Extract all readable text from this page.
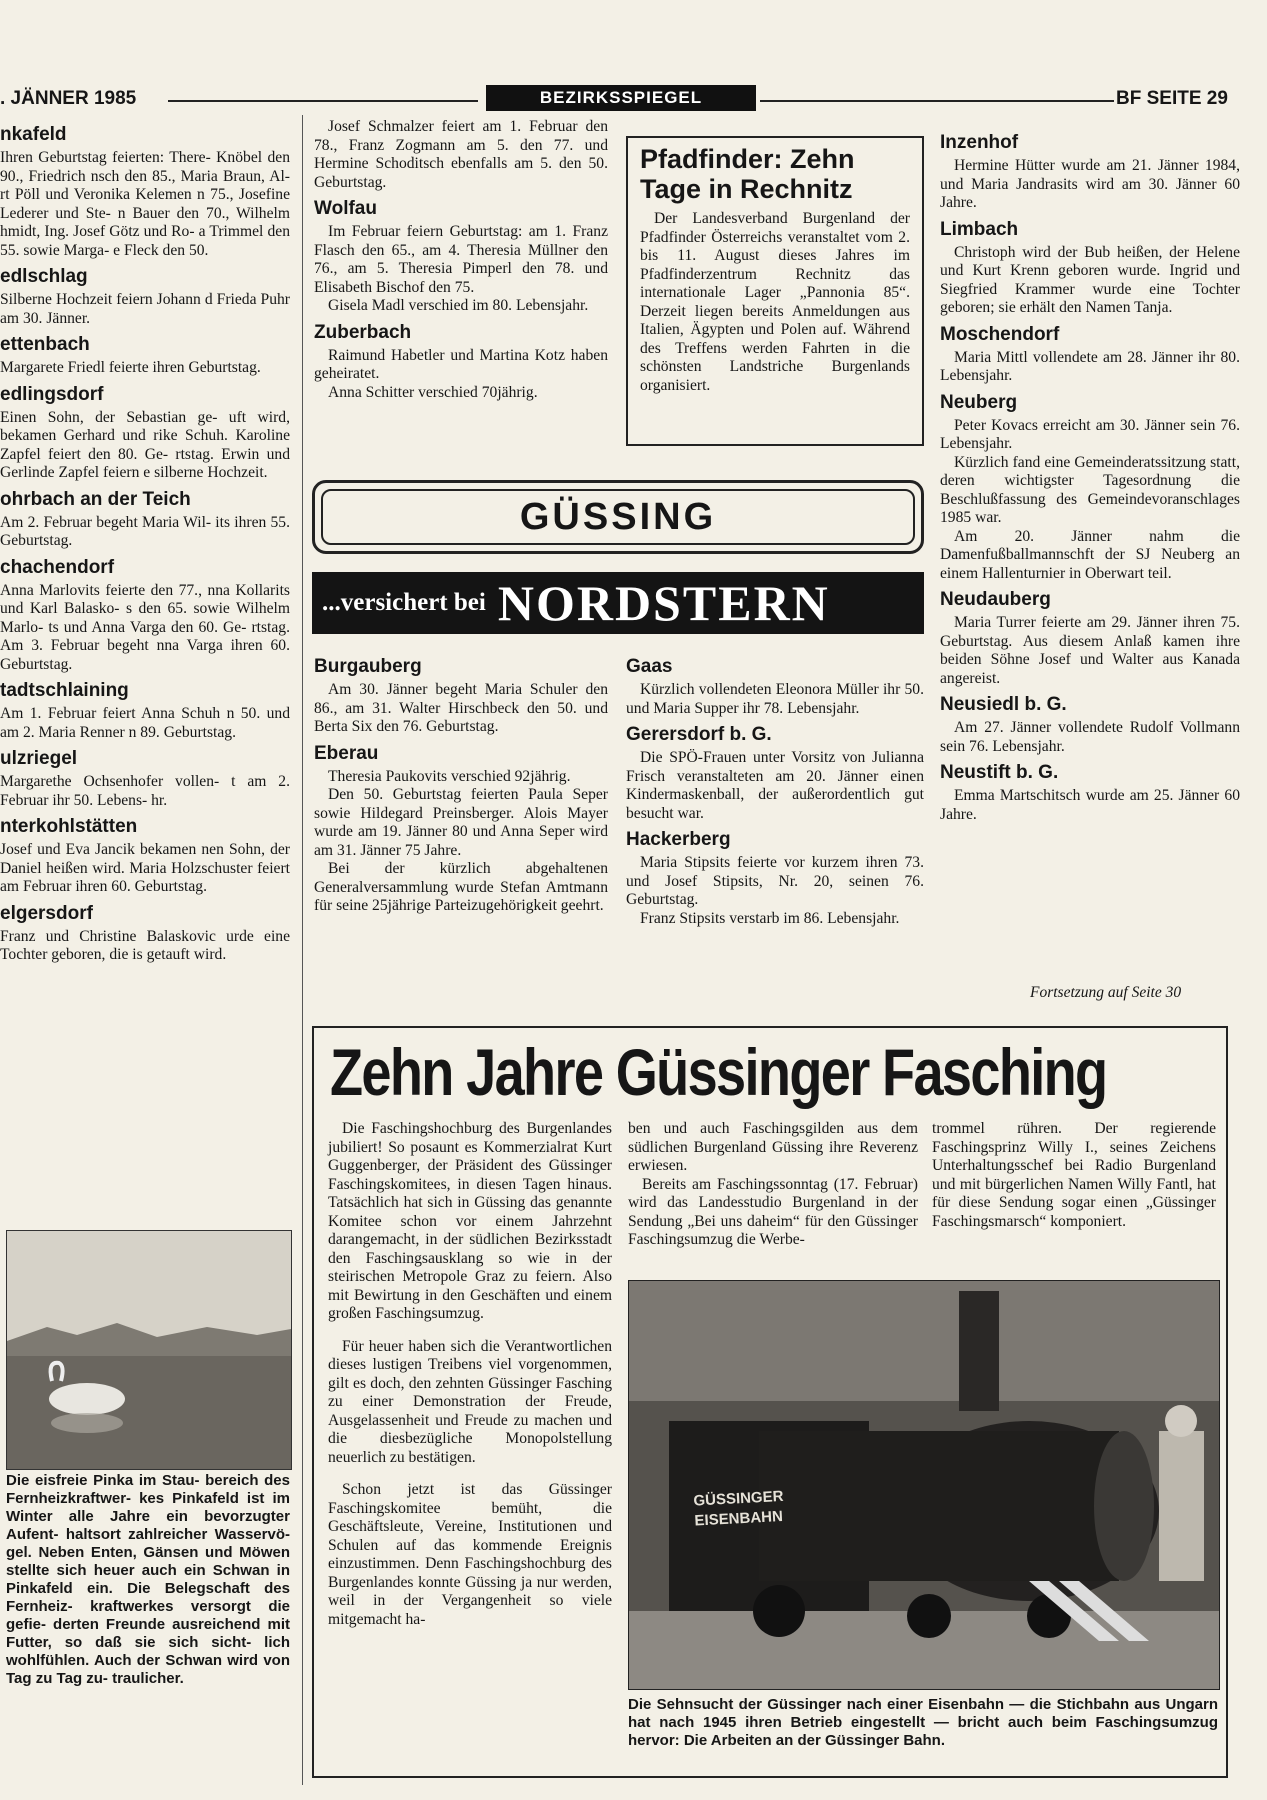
. JÄNNER 1985	BEZIRKSSPIEGEL	BF SEITE 29
nkafeld

Ihren Geburtstag feierten: There- Knöbel den 90., Friedrich nsch den 85., Maria Braun, Al- rt Pöll und Veronika Kelemen n 75., Josefine Lederer und Ste- n Bauer den 70., Wilhelm hmidt, Ing. Josef Götz und Ro- a Trimmel den 55. sowie Marga- e Fleck den 50.

edlschlag

Silberne Hochzeit feiern Johann d Frieda Puhr am 30. Jänner.

ettenbach

Margarete Friedl feierte ihren Geburtstag.

edlingsdorf

Einen Sohn, der Sebastian ge- uft wird, bekamen Gerhard und rike Schuh. Karoline Zapfel feiert den 80. Ge- rtstag. Erwin und Gerlinde Zapfel feiern e silberne Hochzeit.

ohrbach an der Teich

Am 2. Februar begeht Maria Wil- its ihren 55. Geburtstag.

chachendorf

Anna Marlovits feierte den 77., nna Kollarits und Karl Balasko- s den 65. sowie Wilhelm Marlo- ts und Anna Varga den 60. Ge- rtstag. Am 3. Februar begeht nna Varga ihren 60. Geburtstag.

tadtschlaining

Am 1. Februar feiert Anna Schuh n 50. und am 2. Maria Renner n 89. Geburtstag.

ulzriegel

Margarethe Ochsenhofer vollen- t am 2. Februar ihr 50. Lebens- hr.

nterkohlstätten

Josef und Eva Jancik bekamen nen Sohn, der Daniel heißen wird. Maria Holzschuster feiert am Februar ihren 60. Geburtstag.

elgersdorf

Franz und Christine Balaskovic urde eine Tochter geboren, die is getauft wird.

Die eisfreie Pinka im Stau- bereich des Fernheizkraftwer- kes Pinkafeld ist im Winter alle Jahre ein bevorzugter Aufent- haltsort zahlreicher Wasservö- gel. Neben Enten, Gänsen und Möwen stellte sich heuer auch ein Schwan in Pinkafeld ein. Die Belegschaft des Fernheiz- kraftwerkes versorgt die gefie- derten Freunde ausreichend mit Futter, so daß sie sich sicht- lich wohlfühlen. Auch der Schwan wird von Tag zu Tag zu- traulicher.

Josef Schmalzer feiert am 1. Februar den 78., Franz Zogmann am 5. den 77. und Hermine Schoditsch ebenfalls am 5. den 50. Geburtstag.

Wolfau

Im Februar feiern Geburtstag: am 1. Franz Flasch den 65., am 4. Theresia Müllner den 76., am 5. Theresia Pimperl den 78. und Elisabeth Bischof den 75.

Gisela Madl verschied im 80. Lebensjahr.

Zuberbach

Raimund Habetler und Martina Kotz haben geheiratet.

Anna Schitter verschied 70jährig.

Pfadfinder: Zehn Tage in Rechnitz
Der Landesverband Burgenland der Pfadfinder Österreichs veranstaltet vom 2. bis 11. August dieses Jahres im Pfadfinderzentrum Rechnitz das internationale Lager „Pannonia 85“. Derzeit liegen bereits Anmeldungen aus Italien, Ägypten und Polen auf. Während des Treffens werden Fahrten in die schönsten Landstriche Burgenlands organisiert.
Inzenhof

Hermine Hütter wurde am 21. Jänner 1984, und Maria Jandrasits wird am 30. Jänner 60 Jahre.

Limbach

Christoph wird der Bub heißen, der Helene und Kurt Krenn geboren wurde. Ingrid und Siegfried Krammer wurde eine Tochter geboren; sie erhält den Namen Tanja.

Moschendorf

Maria Mittl vollendete am 28. Jänner ihr 80. Lebensjahr.

Neuberg

Peter Kovacs erreicht am 30. Jänner sein 76. Lebensjahr.

Kürzlich fand eine Gemeinderatssitzung statt, deren wichtigster Tagesordnung die Beschlußfassung des Gemeindevoranschlages 1985 war.

Am 20. Jänner nahm die Damenfußballmannschft der SJ Neuberg an einem Hallenturnier in Oberwart teil.

Neudauberg

Maria Turrer feierte am 29. Jänner ihren 75. Geburtstag. Aus diesem Anlaß kamen ihre beiden Söhne Josef und Walter aus Kanada angereist.

Neusiedl b. G.

Am 27. Jänner vollendete Rudolf Vollmann sein 76. Lebensjahr.

Neustift b. G.

Emma Martschitsch wurde am 25. Jänner 60 Jahre.

Fortsetzung auf Seite 30
GÜSSING
...versichert bei NORDSTERN
Burgauberg

Am 30. Jänner begeht Maria Schuler den 86., am 31. Walter Hirschbeck den 50. und Berta Six den 76. Geburtstag.

Eberau

Theresia Paukovits verschied 92jährig.

Den 50. Geburtstag feierten Paula Seper sowie Hildegard Preinsberger. Alois Mayer wurde am 19. Jänner 80 und Anna Seper wird am 31. Jänner 75 Jahre.

Bei der kürzlich abgehaltenen Generalversammlung wurde Stefan Amtmann für seine 25jährige Parteizugehörigkeit geehrt.

Gaas

Kürzlich vollendeten Eleonora Müller ihr 50. und Maria Supper ihr 78. Lebensjahr.

Gerersdorf b. G.

Die SPÖ-Frauen unter Vorsitz von Julianna Frisch veranstalteten am 20. Jänner einen Kindermaskenball, der außerordentlich gut besucht war.

Hackerberg

Maria Stipsits feierte vor kurzem ihren 73. und Josef Stipsits, Nr. 20, seinen 76. Geburtstag.

Franz Stipsits verstarb im 86. Lebensjahr.

Zehn Jahre Güssinger Fasching

Die Faschingshochburg des Burgenlandes jubiliert! So posaunt es Kommerzialrat Kurt Guggenberger, der Präsident des Güssinger Faschingskomitees, in diesen Tagen hinaus. Tatsächlich hat sich in Güssing das genannte Komitee schon vor einem Jahrzehnt darangemacht, in der südlichen Bezirksstadt den Faschingsausklang so wie in der steirischen Metropole Graz zu feiern. Also mit Bewirtung in den Geschäften und einem großen Faschingsumzug.

Für heuer haben sich die Verantwortlichen dieses lustigen Treibens viel vorgenommen, gilt es doch, den zehnten Güssinger Fasching zu einer Demonstration der Freude, Ausgelassenheit und Freude zu machen und die diesbezügliche Monopolstellung neuerlich zu bestätigen.

Schon jetzt ist das Güssinger Faschingskomitee bemüht, die Geschäftsleute, Vereine, Institutionen und Schulen auf das kommende Ereignis einzustimmen. Denn Faschingshochburg des Burgenlandes konnte Güssing ja nur werden, weil in der Vergangenheit so viele mitgemacht ha-

ben und auch Faschingsgilden aus dem südlichen Burgenland Güssing ihre Reverenz erwiesen.

Bereits am Faschingssonntag (17. Februar) wird das Landesstudio Burgenland in der Sendung „Bei uns daheim“ für den Güssinger Faschingsumzug die Werbe-

trommel rühren. Der regierende Faschingsprinz Willy I., seines Zeichens Unterhaltungsschef bei Radio Burgenland und mit bürgerlichen Namen Willy Fantl, hat für diese Sendung sogar einen „Güssinger Faschingsmarsch“ komponiert.

GÜSSINGER
EISENBAHN
Die Sehnsucht der Güssinger nach einer Eisenbahn — die Stichbahn aus Ungarn hat nach 1945 ihren Betrieb eingestellt — bricht auch beim Faschingsumzug hervor: Die Arbeiten an der Güssinger Bahn.
